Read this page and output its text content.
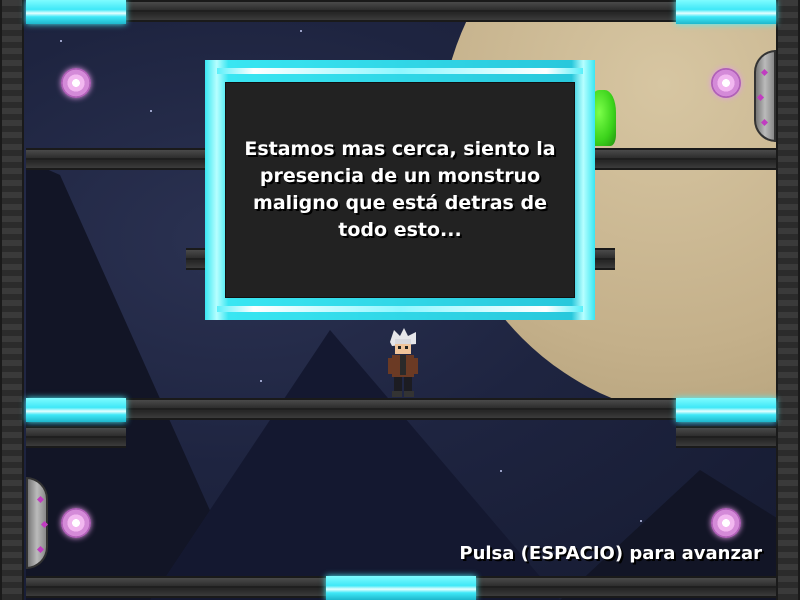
Estamos mas cerca, siento la presencia de un monstruo maligno que está detras de todo esto...
Pulsa (ESPACIO) para avanzar
